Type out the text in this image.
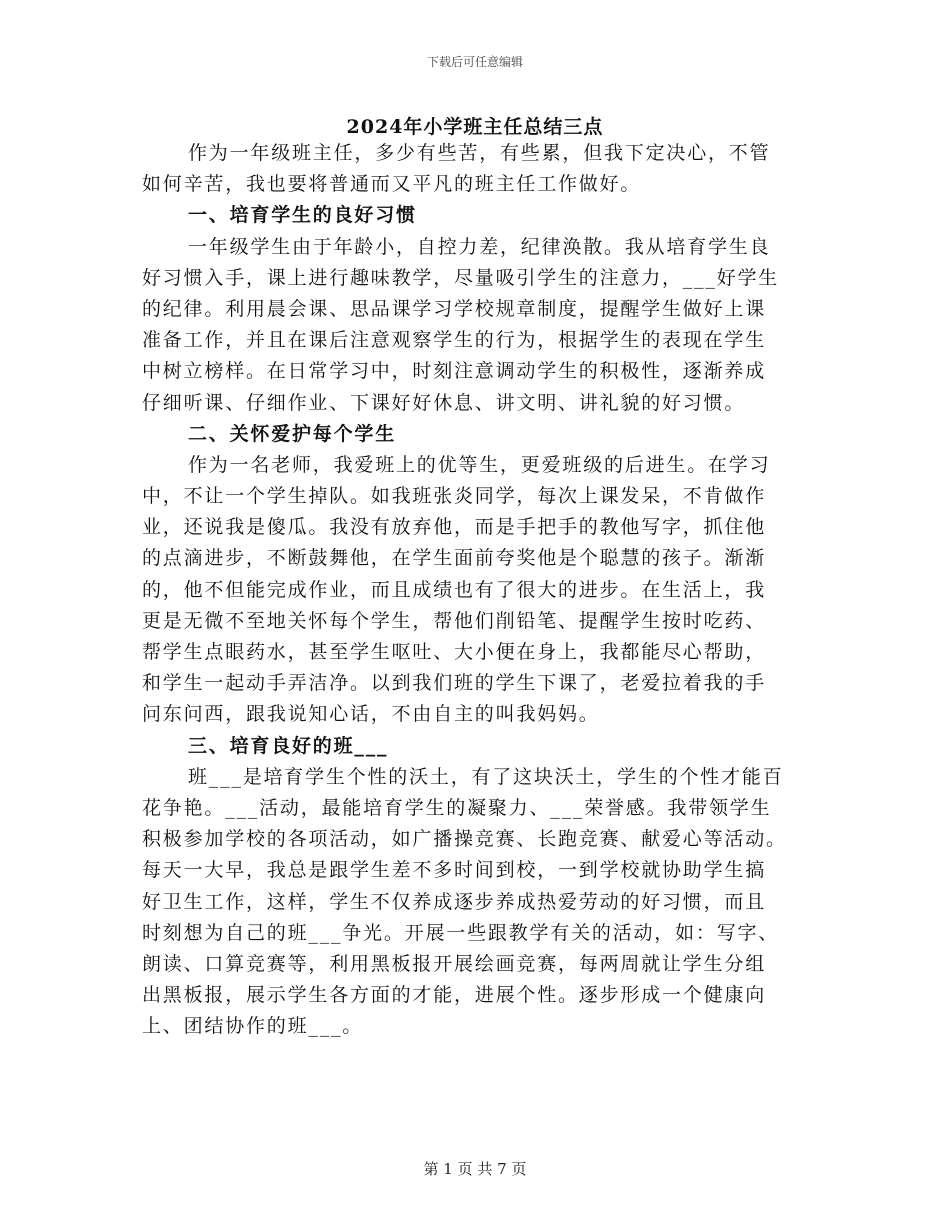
下载后可任意编辑
2024年小学班主任总结三点
作为一年级班主任，多少有些苦，有些累，但我下定决心，不管
如何辛苦，我也要将普通而又平凡的班主任工作做好。
一、培育学生的良好习惯
一年级学生由于年龄小，自控力差，纪律涣散。我从培育学生良
好习惯入手，课上进行趣味教学，尽量吸引学生的注意力，___好学生
的纪律。利用晨会课、思品课学习学校规章制度，提醒学生做好上课
准备工作，并且在课后注意观察学生的行为，根据学生的表现在学生
中树立榜样。在日常学习中，时刻注意调动学生的积极性，逐渐养成
仔细听课、仔细作业、下课好好休息、讲文明、讲礼貌的好习惯。
二、关怀爱护每个学生
作为一名老师，我爱班上的优等生，更爱班级的后进生。在学习
中，不让一个学生掉队。如我班张炎同学，每次上课发呆，不肯做作
业，还说我是傻瓜。我没有放弃他，而是手把手的教他写字，抓住他
的点滴进步，不断鼓舞他，在学生面前夸奖他是个聪慧的孩子。渐渐
的，他不但能完成作业，而且成绩也有了很大的进步。在生活上，我
更是无微不至地关怀每个学生，帮他们削铅笔、提醒学生按时吃药、
帮学生点眼药水，甚至学生呕吐、大小便在身上，我都能尽心帮助，
和学生一起动手弄洁净。以到我们班的学生下课了，老爱拉着我的手
问东问西，跟我说知心话，不由自主的叫我妈妈。
三、培育良好的班___
班___是培育学生个性的沃土，有了这块沃土，学生的个性才能百
花争艳。___活动，最能培育学生的凝聚力、___荣誉感。我带领学生
积极参加学校的各项活动，如广播操竞赛、长跑竞赛、献爱心等活动。
每天一大早，我总是跟学生差不多时间到校，一到学校就协助学生搞
好卫生工作，这样，学生不仅养成逐步养成热爱劳动的好习惯，而且
时刻想为自己的班___争光。开展一些跟教学有关的活动，如：写字、
朗读、口算竞赛等，利用黑板报开展绘画竞赛，每两周就让学生分组
出黑板报，展示学生各方面的才能，进展个性。逐步形成一个健康向
上、团结协作的班___。
第 1 页 共 7 页
